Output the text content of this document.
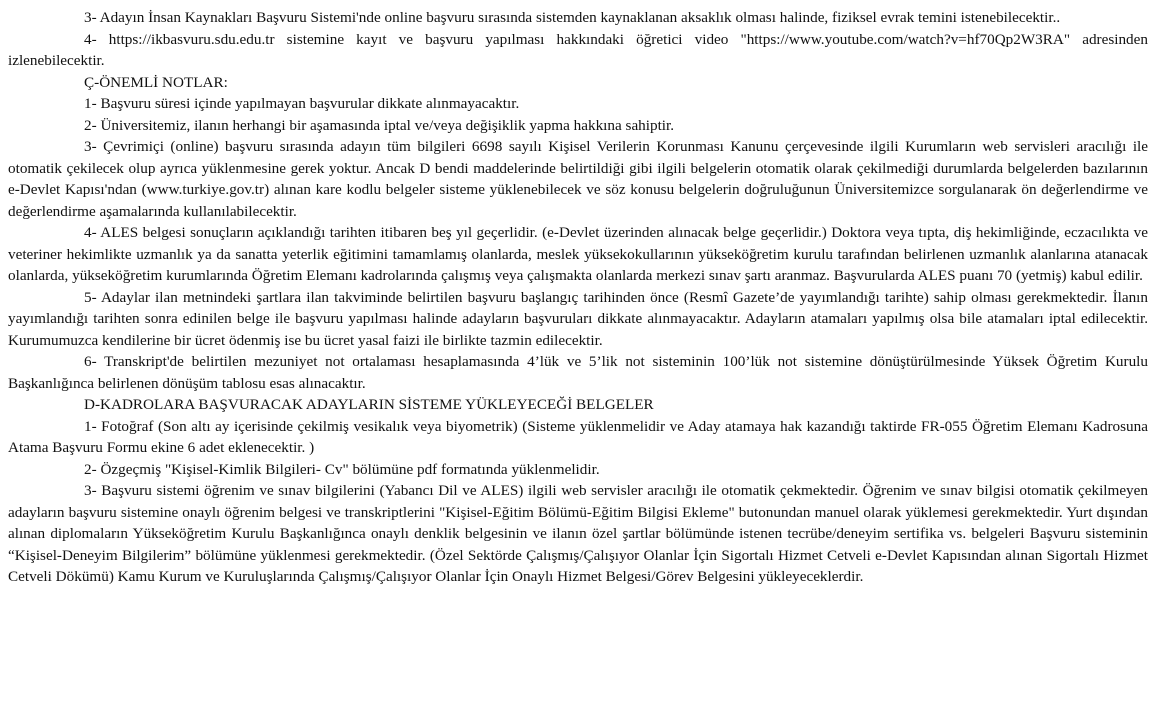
3- Adayın İnsan Kaynakları Başvuru Sistemi'nde online başvuru sırasında sistemden kaynaklanan aksaklık olması halinde, fiziksel evrak temini istenebilecektir..

4- https://ikbasvuru.sdu.edu.tr sistemine kayıt ve başvuru yapılması hakkındaki öğretici video "https://www.youtube.com/watch?v=hf70Qp2W3RA" adresinden izlenebilecektir.

Ç-ÖNEMLİ NOTLAR:

1- Başvuru süresi içinde yapılmayan başvurular dikkate alınmayacaktır.

2- Üniversitemiz, ilanın herhangi bir aşamasında iptal ve/veya değişiklik yapma hakkına sahiptir.

3- Çevrimiçi (online) başvuru sırasında adayın tüm bilgileri 6698 sayılı Kişisel Verilerin Korunması Kanunu çerçevesinde ilgili Kurumların web servisleri aracılığı ile otomatik çekilecek olup ayrıca yüklenmesine gerek yoktur. Ancak D bendi maddelerinde belirtildiği gibi ilgili belgelerin otomatik olarak çekilmediği durumlarda belgelerden bazılarının e-Devlet Kapısı'ndan (www.turkiye.gov.tr) alınan kare kodlu belgeler sisteme yüklenebilecek ve söz konusu belgelerin doğruluğunun Üniversitemizce sorgulanarak ön değerlendirme ve değerlendirme aşamalarında kullanılabilecektir.

4- ALES belgesi sonuçların açıklandığı tarihten itibaren beş yıl geçerlidir. (e-Devlet üzerinden alınacak belge geçerlidir.) Doktora veya tıpta, diş hekimliğinde, eczacılıkta ve veteriner hekimlikte uzmanlık ya da sanatta yeterlik eğitimini tamamlamış olanlarda, meslek yüksekokullarının yükseköğretim kurulu tarafından belirlenen uzmanlık alanlarına atanacak olanlarda, yükseköğretim kurumlarında Öğretim Elemanı kadrolarında çalışmış veya çalışmakta olanlarda merkezi sınav şartı aranmaz. Başvurularda ALES puanı 70 (yetmiş) kabul edilir.

5- Adaylar ilan metnindeki şartlara ilan takviminde belirtilen başvuru başlangıç tarihinden önce (Resmî Gazete’de yayımlandığı tarihte) sahip olması gerekmektedir. İlanın yayımlandığı tarihten sonra edinilen belge ile başvuru yapılması halinde adayların başvuruları dikkate alınmayacaktır. Adayların atamaları yapılmış olsa bile atamaları iptal edilecektir. Kurumumuzca kendilerine bir ücret ödenmiş ise bu ücret yasal faizi ile birlikte tazmin edilecektir.

6- Transkript'de belirtilen mezuniyet not ortalaması hesaplamasında 4’lük ve 5’lik not sisteminin 100’lük not sistemine dönüştürülmesinde Yüksek Öğretim Kurulu Başkanlığınca belirlenen dönüşüm tablosu esas alınacaktır.

D-KADROLARA BAŞVURACAK ADAYLARIN SİSTEME YÜKLEYECEĞİ BELGELER

1- Fotoğraf (Son altı ay içerisinde çekilmiş vesikalık veya biyometrik) (Sisteme yüklenmelidir ve Aday atamaya hak kazandığı taktirde FR-055 Öğretim Elemanı Kadrosuna Atama Başvuru Formu ekine 6 adet eklenecektir. )

2- Özgeçmiş "Kişisel-Kimlik Bilgileri- Cv" bölümüne pdf formatında yüklenmelidir.

3- Başvuru sistemi öğrenim ve sınav bilgilerini (Yabancı Dil ve ALES) ilgili web servisler aracılığı ile otomatik çekmektedir. Öğrenim ve sınav bilgisi otomatik çekilmeyen adayların başvuru sistemine onaylı öğrenim belgesi ve transkriptlerini "Kişisel-Eğitim Bölümü-Eğitim Bilgisi Ekleme" butonundan manuel olarak yüklemesi gerekmektedir. Yurt dışından alınan diplomaların Yükseköğretim Kurulu Başkanlığınca onaylı denklik belgesinin ve ilanın özel şartlar bölümünde istenen tecrübe/deneyim sertifika vs. belgeleri Başvuru sisteminin “Kişisel-Deneyim Bilgilerim” bölümüne yüklenmesi gerekmektedir. (Özel Sektörde Çalışmış/Çalışıyor Olanlar İçin Sigortalı Hizmet Cetveli e-Devlet Kapısından alınan Sigortalı Hizmet Cetveli Dökümü) Kamu Kurum ve Kuruluşlarında Çalışmış/Çalışıyor Olanlar İçin Onaylı Hizmet Belgesi/Görev Belgesini yükleyeceklerdir.
